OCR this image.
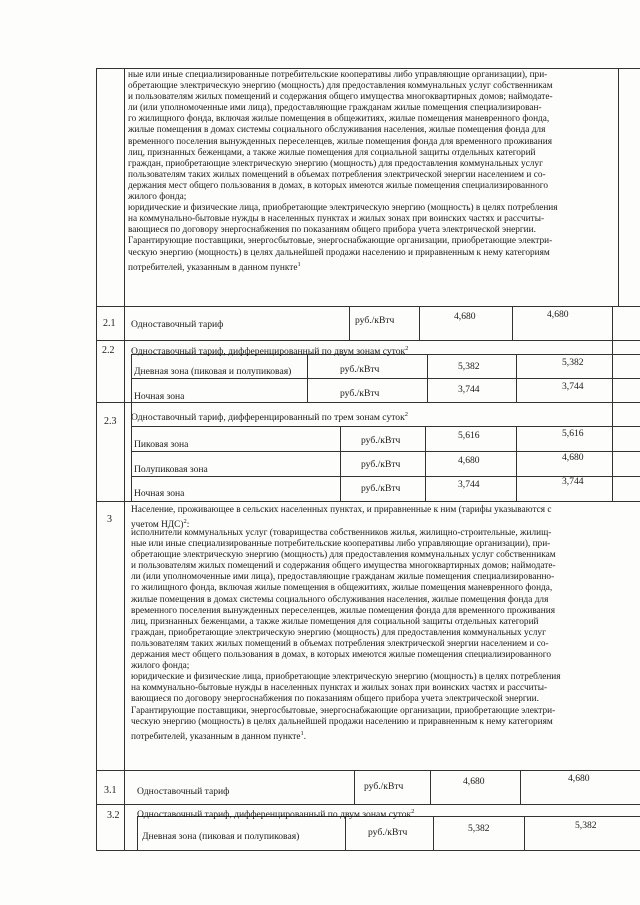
ные или иные специализированные потребительские кооперативы либо управляющие организации), при-
обретающие электрическую энергию (мощность) для предоставления коммунальных услуг собственникам
и пользователям жилых помещений и содержания общего имущества многоквартирных домов; наймодате-
ли (или уполномоченные ими лица), предоставляющие гражданам жилые помещения специализирован-
го жилищного фонда, включая жилые помещения в общежитиях, жилые помещения маневренного фонда,
жилые помещения в домах системы социального обслуживания населения, жилые помещения фонда для
временного поселения вынужденных переселенцев, жилые помещения фонда для временного проживания
лиц, признанных беженцами, а также жилые помещения для социальной защиты отдельных категорий
граждан, приобретающие электрическую энергию (мощность) для предоставления коммунальных услуг
пользователям таких жилых помещений в объемах потребления электрической энергии населением и со-
держания мест общего пользования в домах, в которых имеются жилые помещения специализированного
жилого фонда;
юридические и физические лица, приобретающие электрическую энергию (мощность) в целях потребления
на коммунально-бытовые нужды в населенных пунктах и жилых зонах при воинских частях и рассчиты-
вающиеся по договору энергоснабжения по показаниям общего прибора учета электрической энергии.
Гарантирующие поставщики, энергосбытовые, энергоснабжающие организации, приобретающие электри-
ческую энергию (мощность) в целях дальнейшей продажи населению и приравненным к нему категориям
потребителей, указанным в данном пункте$^1$
2.1 Одноставочный тариф	руб./кВтч	4,680	4,680
2.2 Одноставочный тариф, дифференцированный по двум зонам суток$^2$
Дневная зона (пиковая и полупиковая)	руб./кВтч	5,382	5,382
Ночная зона	руб./кВтч	3,744	3,744
2.3 Одноставочный тариф, дифференцированный по трем зонам суток$^2$
Пиковая зона	руб./кВтч	5,616	5,616
Полупиковая зона	руб./кВтч	4,680	4,680
Ночная зона	руб./кВтч	3,744	3,744
3
Население, проживающее в сельских населенных пунктах, и приравненные к ним (тарифы указываются с
учетом НДС)$^2$:
исполнители коммунальных услуг (товарищества собственников жилья, жилищно-строительные, жилищ-
ные или иные специализированные потребительские кооперативы либо управляющие организации), при-
обретающие электрическую энергию (мощность) для предоставления коммунальных услуг собственникам
и пользователям жилых помещений и содержания общего имущества многоквартирных домов; наймодате-
ли (или уполномоченные ими лица), предоставляющие гражданам жилые помещения специализированно-
го жилищного фонда, включая жилые помещения в общежитиях, жилые помещения маневренного фонда,
жилые помещения в домах системы социального обслуживания населения, жилые помещения фонда для
временного поселения вынужденных переселенцев, жилые помещения фонда для временного проживания
лиц, признанных беженцами, а также жилые помещения для социальной защиты отдельных категорий
граждан, приобретающие электрическую энергию (мощность) для предоставления коммунальных услуг
пользователям таких жилых помещений в объемах потребления электрической энергии населением и со-
держания мест общего пользования в домах, в которых имеются жилые помещения специализированного
жилого фонда;
юридические и физические лица, приобретающие электрическую энергию (мощность) в целях потребления
на коммунально-бытовые нужды в населенных пунктах и жилых зонах при воинских частях и рассчиты-
вающиеся по договору энергоснабжения по показаниям общего прибора учета электрической энергии.
Гарантирующие поставщики, энергосбытовые, энергоснабжающие организации, приобретающие электри-
ческую энергию (мощность) в целях дальнейшей продажи населению и приравненным к нему категориям
потребителей, указанным в данном пункте$^1$.
3.1 Одноставочный тариф	руб./кВтч	4,680	4,680
3.2 Одноставочный тариф, дифференцированный по двум зонам суток$^2$
Дневная зона (пиковая и полупиковая)	руб./кВтч	5,382	5,382
